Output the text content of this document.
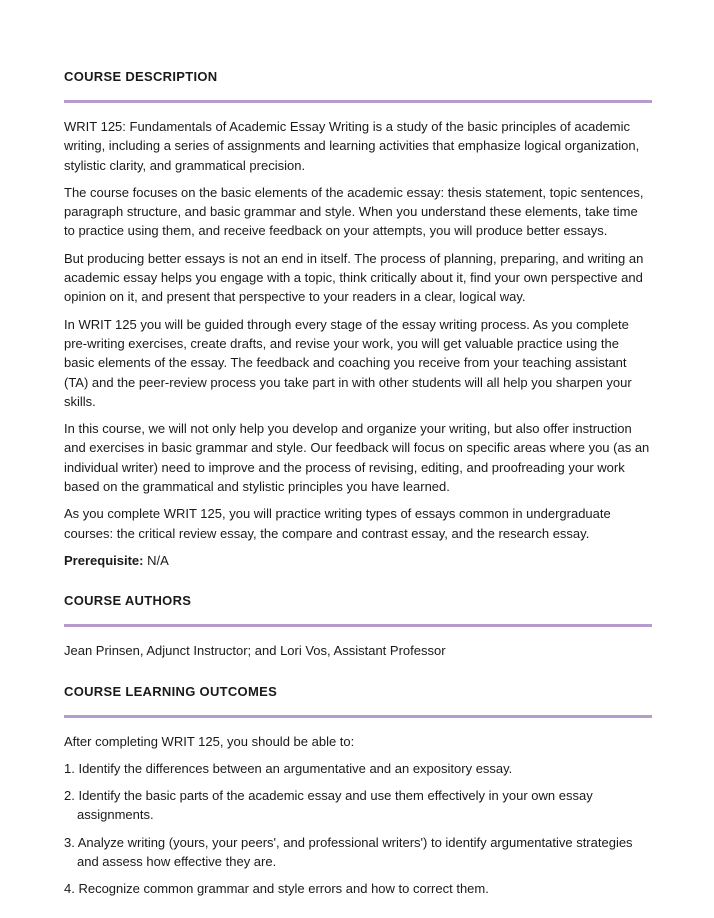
COURSE DESCRIPTION

WRIT 125: Fundamentals of Academic Essay Writing is a study of the basic principles of academic writing, including a series of assignments and learning activities that emphasize logical organization, stylistic clarity, and grammatical precision.

The course focuses on the basic elements of the academic essay: thesis statement, topic sentences, paragraph structure, and basic grammar and style. When you understand these elements, take time to practice using them, and receive feedback on your attempts, you will produce better essays.

But producing better essays is not an end in itself. The process of planning, preparing, and writing an academic essay helps you engage with a topic, think critically about it, find your own perspective and opinion on it, and present that perspective to your readers in a clear, logical way.

In WRIT 125 you will be guided through every stage of the essay writing process. As you complete pre-writing exercises, create drafts, and revise your work, you will get valuable practice using the basic elements of the essay. The feedback and coaching you receive from your teaching assistant (TA) and the peer-review process you take part in with other students will all help you sharpen your skills.

In this course, we will not only help you develop and organize your writing, but also offer instruction and exercises in basic grammar and style. Our feedback will focus on specific areas where you (as an individual writer) need to improve and the process of revising, editing, and proofreading your work based on the grammatical and stylistic principles you have learned.

As you complete WRIT 125, you will practice writing types of essays common in undergraduate courses: the critical review essay, the compare and contrast essay, and the research essay.

Prerequisite: N/A

COURSE AUTHORS

Jean Prinsen, Adjunct Instructor; and Lori Vos, Assistant Professor

COURSE LEARNING OUTCOMES

After completing WRIT 125, you should be able to:

1. Identify the differences between an argumentative and an expository essay.
2. Identify the basic parts of the academic essay and use them effectively in your own essay assignments.
3. Analyze writing (yours, your peers', and professional writers') to identify argumentative strategies and assess how effective they are.
4. Recognize common grammar and style errors and how to correct them.
